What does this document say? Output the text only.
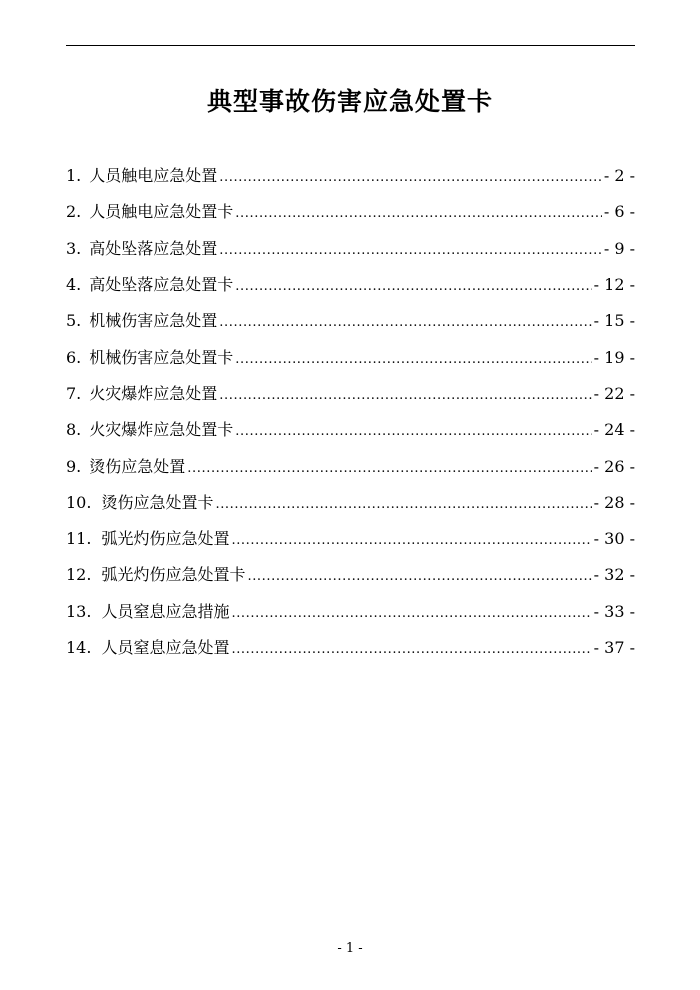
典型事故伤害应急处置卡
1. 人员触电应急处置 .....	- 2 -
2. 人员触电应急处置卡 .....	- 6 -
3. 高处坠落应急处置 .....	- 9 -
4. 高处坠落应急处置卡 .....	- 12 -
5. 机械伤害应急处置 .....	- 15 -
6. 机械伤害应急处置卡 .....	- 19 -
7. 火灾爆炸应急处置 .....	- 22 -
8. 火灾爆炸应急处置卡 .....	- 24 -
9. 烫伤应急处置 .....	- 26 -
10. 烫伤应急处置卡 .....	- 28 -
11. 弧光灼伤应急处置 .....	- 30 -
12. 弧光灼伤应急处置卡 .....	- 32 -
13. 人员窒息应急措施 .....	- 33 -
14. 人员窒息应急处置 .....	- 37 -
- 1 -
